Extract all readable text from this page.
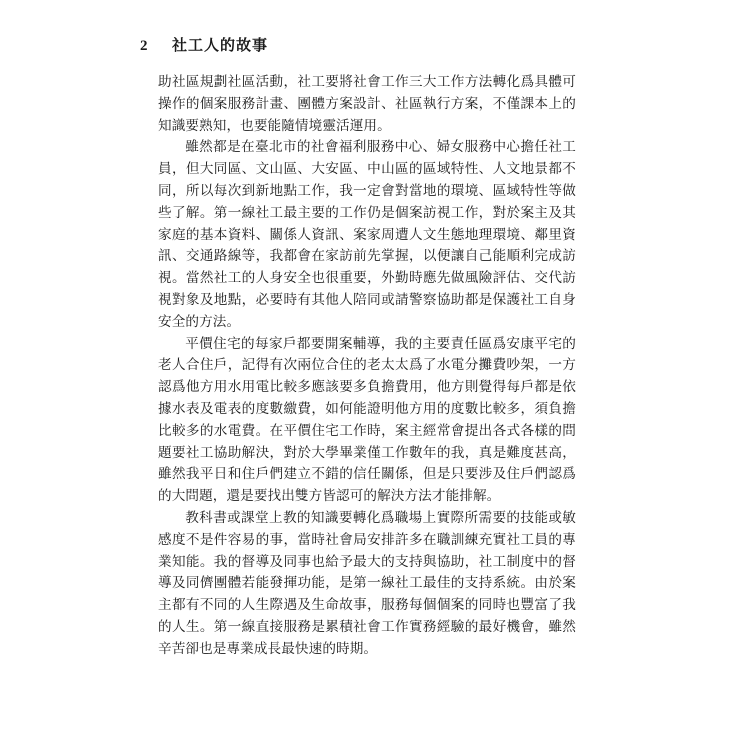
2	社工人的故事

助社區規劃社區活動，社工要將社會工作三大工作方法轉化爲具體可操作的個案服務計畫、團體方案設計、社區執行方案，不僅課本上的知識要熟知，也要能隨情境靈活運用。

雖然都是在臺北市的社會福利服務中心、婦女服務中心擔任社工員，但大同區、文山區、大安區、中山區的區域特性、人文地景都不同，所以每次到新地點工作，我一定會對當地的環境、區域特性等做些了解。第一線社工最主要的工作仍是個案訪視工作，對於案主及其家庭的基本資料、關係人資訊、案家周遭人文生態地理環境、鄰里資訊、交通路線等，我都會在家訪前先掌握，以便讓自己能順利完成訪視。當然社工的人身安全也很重要，外勤時應先做風險評估、交代訪視對象及地點，必要時有其他人陪同或請警察協助都是保護社工自身安全的方法。

平價住宅的每家戶都要開案輔導，我的主要責任區爲安康平宅的老人合住戶，記得有次兩位合住的老太太爲了水電分攤費吵架，一方認爲他方用水用電比較多應該要多負擔費用，他方則覺得每戶都是依據水表及電表的度數繳費，如何能證明他方用的度數比較多，須負擔比較多的水電費。在平價住宅工作時，案主經常會提出各式各樣的問題要社工協助解決，對於大學畢業僅工作數年的我，真是難度甚高，雖然我平日和住戶們建立不錯的信任關係，但是只要涉及住戶們認爲的大問題，還是要找出雙方皆認可的解決方法才能排解。

教科書或課堂上教的知識要轉化爲職場上實際所需要的技能或敏感度不是件容易的事，當時社會局安排許多在職訓練充實社工員的專業知能。我的督導及同事也給予最大的支持與協助，社工制度中的督導及同儕團體若能發揮功能，是第一線社工最佳的支持系統。由於案主都有不同的人生際遇及生命故事，服務每個個案的同時也豐富了我的人生。第一線直接服務是累積社會工作實務經驗的最好機會，雖然辛苦卻也是專業成長最快速的時期。
